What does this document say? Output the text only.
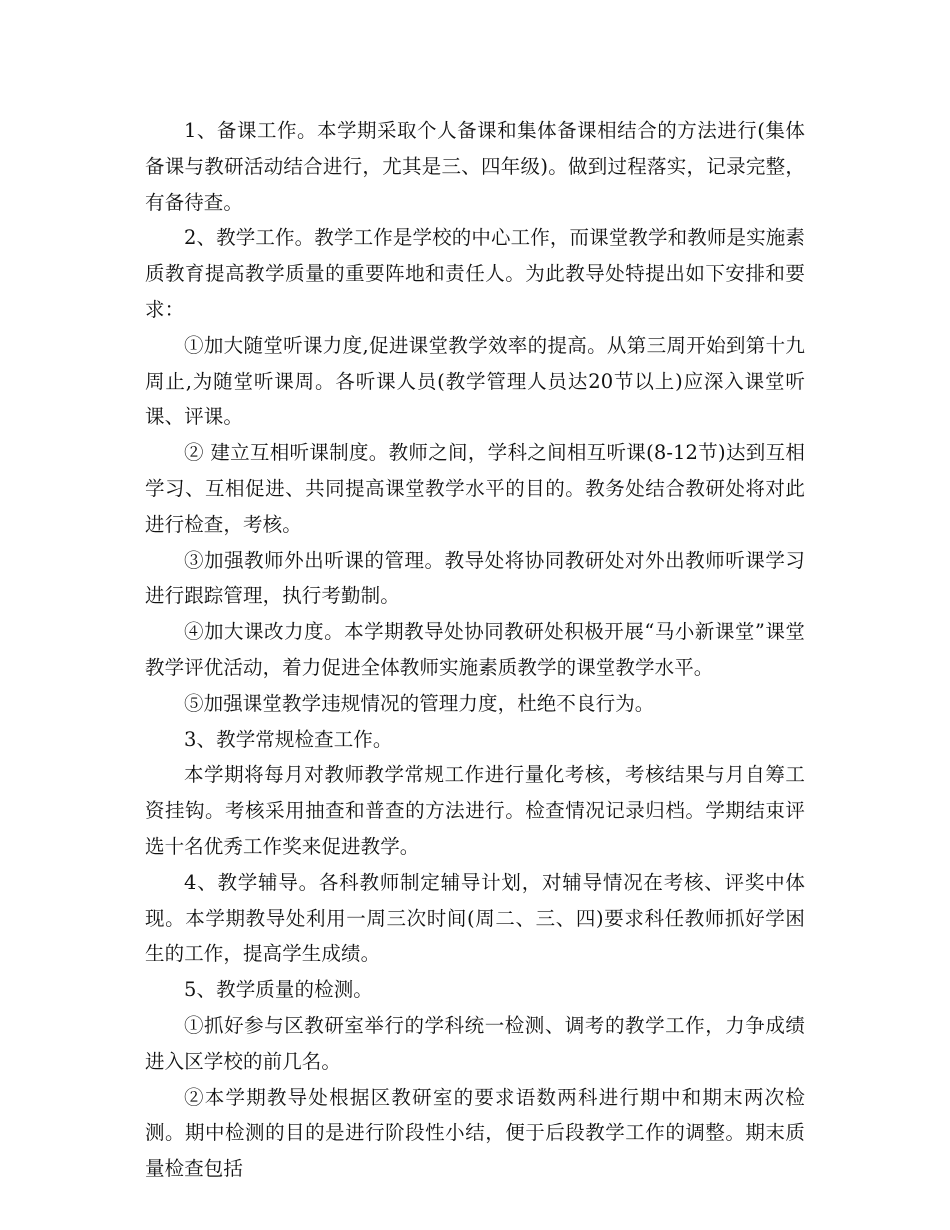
1、备课工作。本学期采取个人备课和集体备课相结合的方法进行(集体备课与教研活动结合进行，尤其是三、四年级)。做到过程落实，记录完整，有备待查。

2、教学工作。教学工作是学校的中心工作，而课堂教学和教师是实施素质教育提高教学质量的重要阵地和责任人。为此教导处特提出如下安排和要求：

①加大随堂听课力度,促进课堂教学效率的提高。从第三周开始到第十九周止,为随堂听课周。各听课人员(教学管理人员达20节以上)应深入课堂听课、评课。

② 建立互相听课制度。教师之间，学科之间相互听课(8-12节)达到互相学习、互相促进、共同提高课堂教学水平的目的。教务处结合教研处将对此进行检查，考核。

③加强教师外出听课的管理。教导处将协同教研处对外出教师听课学习进行跟踪管理，执行考勤制。

④加大课改力度。本学期教导处协同教研处积极开展“马小新课堂”课堂教学评优活动，着力促进全体教师实施素质教学的课堂教学水平。

⑤加强课堂教学违规情况的管理力度，杜绝不良行为。

3、教学常规检查工作。

本学期将每月对教师教学常规工作进行量化考核，考核结果与月自筹工资挂钩。考核采用抽查和普查的方法进行。检查情况记录归档。学期结束评选十名优秀工作奖来促进教学。

4、教学辅导。各科教师制定辅导计划，对辅导情况在考核、评奖中体现。本学期教导处利用一周三次时间(周二、三、四)要求科任教师抓好学困生的工作，提高学生成绩。

5、教学质量的检测。

①抓好参与区教研室举行的学科统一检测、调考的教学工作，力争成绩进入区学校的前几名。

②本学期教导处根据区教研室的要求语数两科进行期中和期末两次检测。期中检测的目的是进行阶段性小结，便于后段教学工作的调整。期末质量检查包括
